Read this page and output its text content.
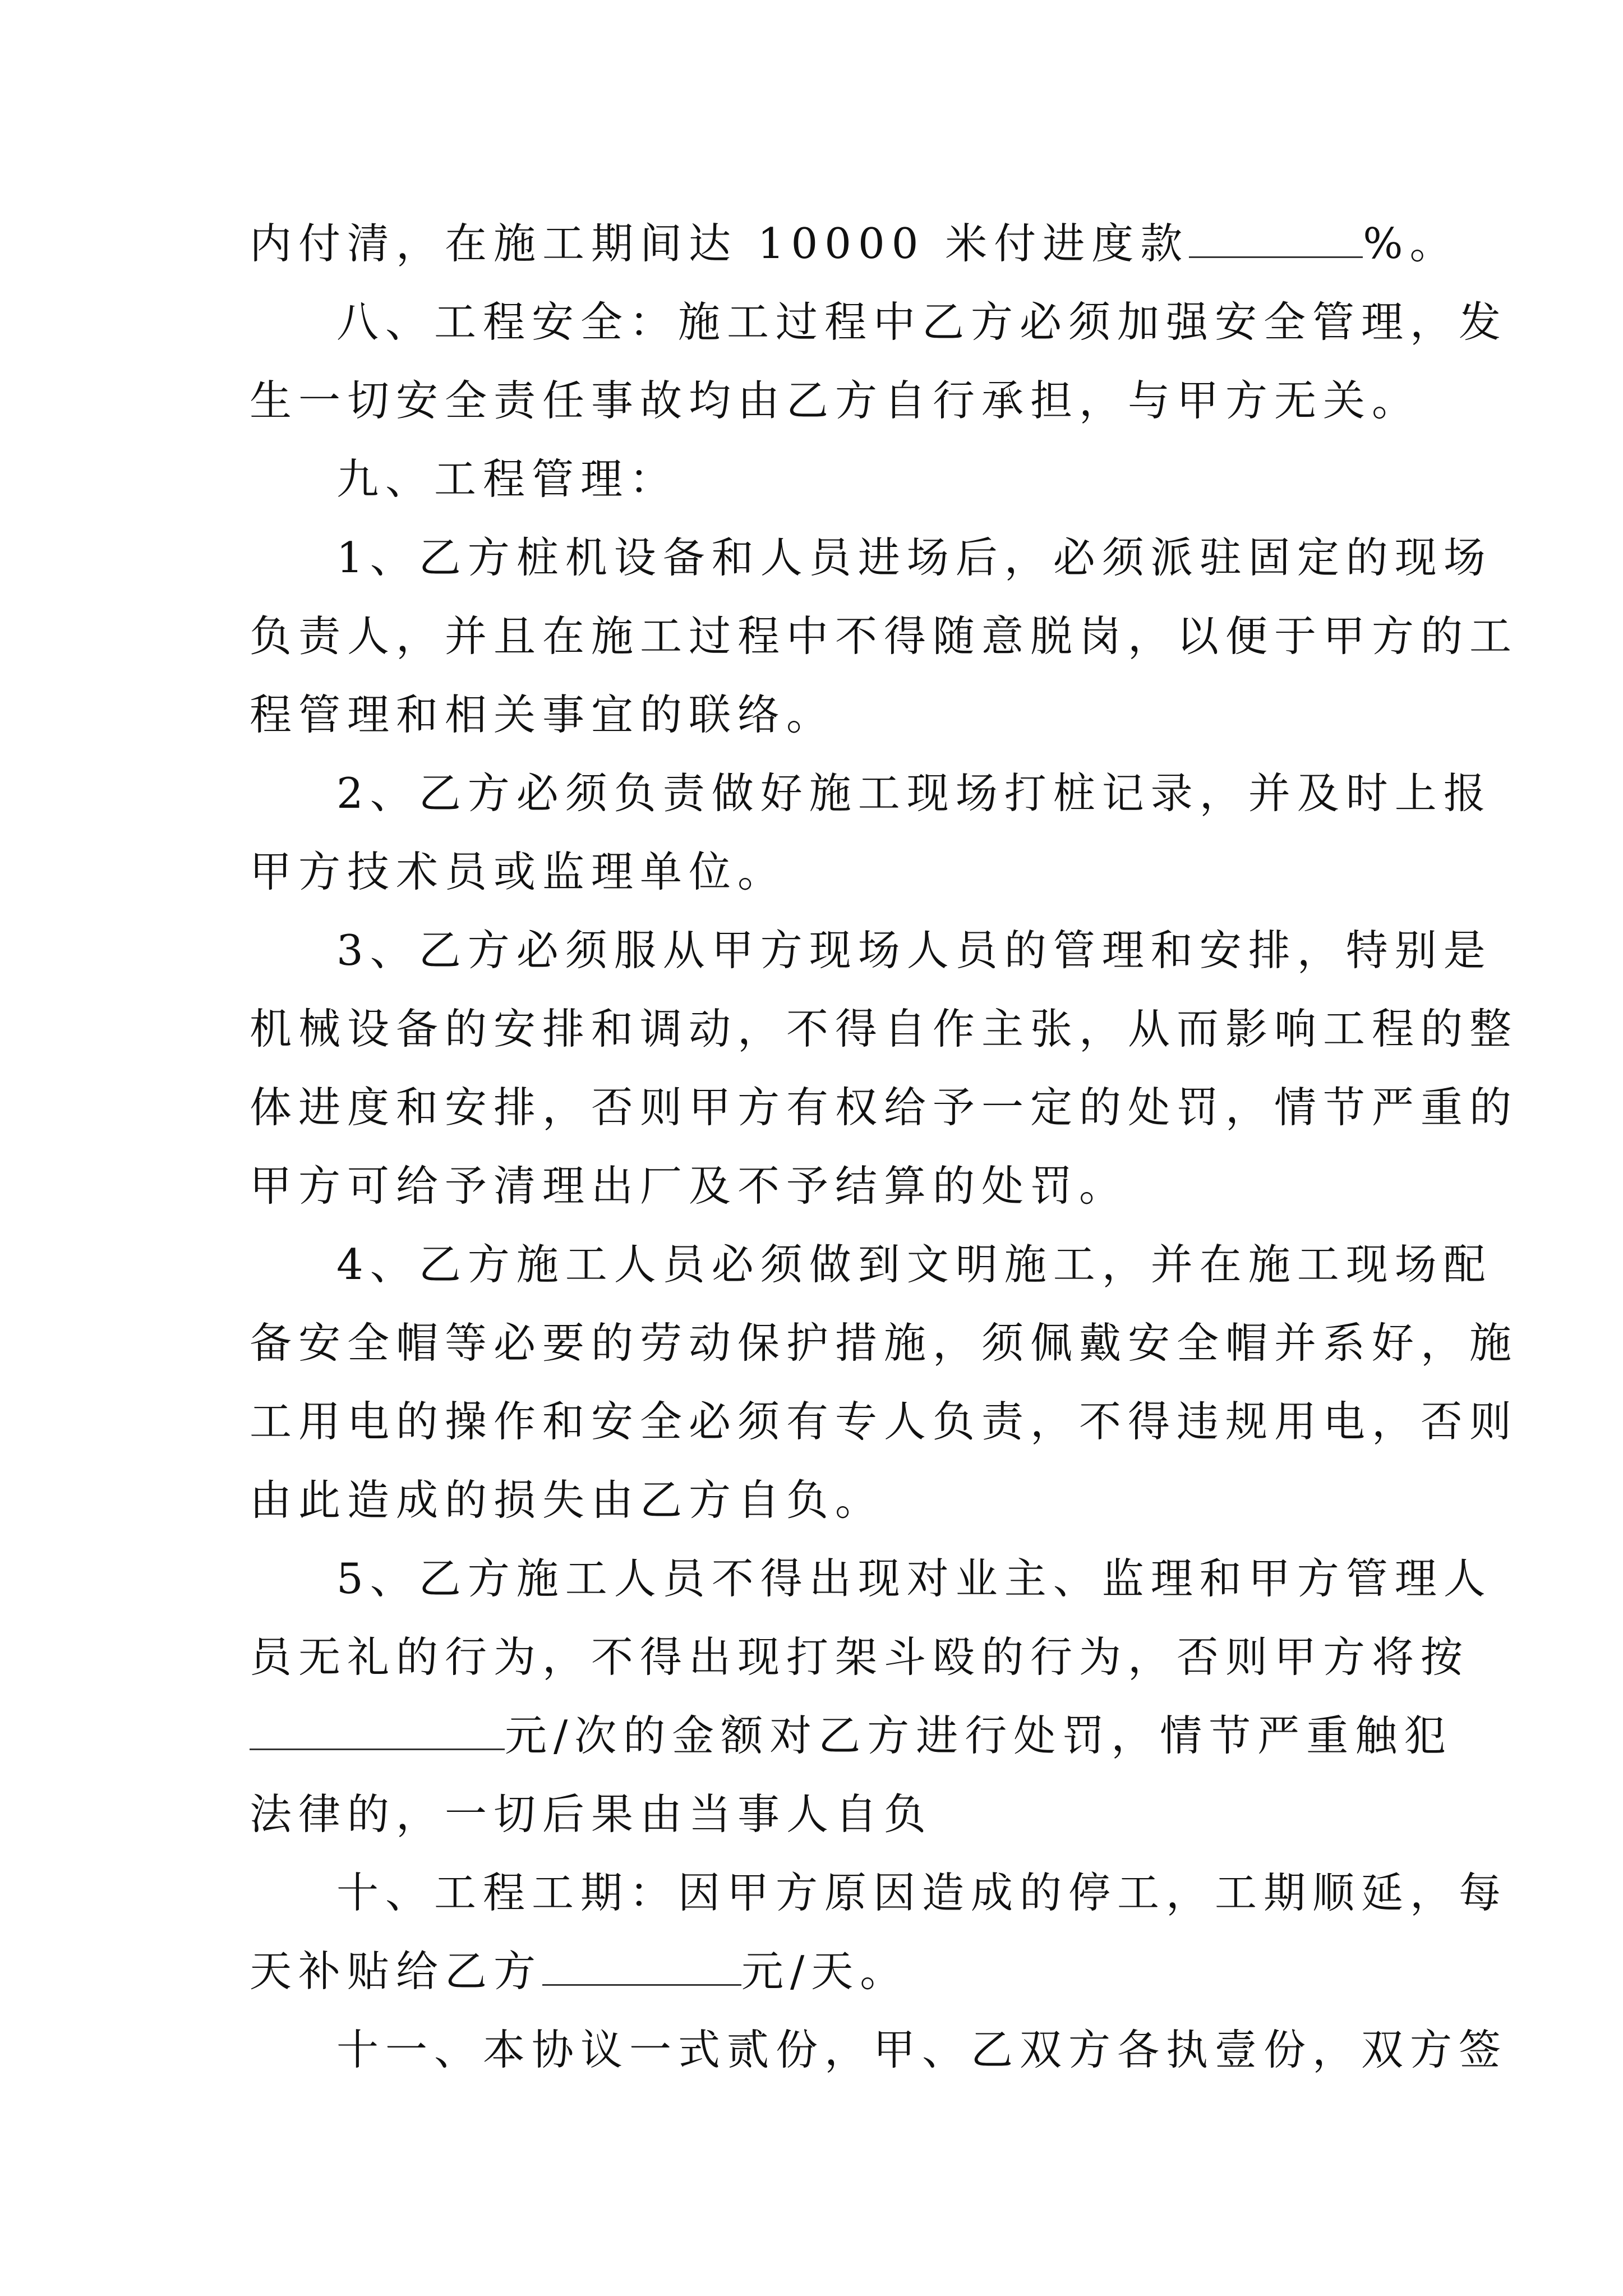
内付清，在施工期间达 10000 米付进度款	%。
八、工程安全：施工过程中乙方必须加强安全管理，发
生一切安全责任事故均由乙方自行承担，与甲方无关。
九、工程管理：
1、乙方桩机设备和人员进场后，必须派驻固定的现场
负责人，并且在施工过程中不得随意脱岗，以便于甲方的工
程管理和相关事宜的联络。
2、乙方必须负责做好施工现场打桩记录，并及时上报
甲方技术员或监理单位。
3、乙方必须服从甲方现场人员的管理和安排，特别是
机械设备的安排和调动，不得自作主张，从而影响工程的整
体进度和安排，否则甲方有权给予一定的处罚，情节严重的
甲方可给予清理出厂及不予结算的处罚。
4、乙方施工人员必须做到文明施工，并在施工现场配
备安全帽等必要的劳动保护措施，须佩戴安全帽并系好，施
工用电的操作和安全必须有专人负责，不得违规用电，否则
由此造成的损失由乙方自负。
5、乙方施工人员不得出现对业主、监理和甲方管理人
员无礼的行为，不得出现打架斗殴的行为，否则甲方将按
元/次的金额对乙方进行处罚，情节严重触犯
法律的，一切后果由当事人自负
十、工程工期：因甲方原因造成的停工，工期顺延，每
天补贴给乙方	元/天。
十一、本协议一式贰份，甲、乙双方各执壹份，双方签
